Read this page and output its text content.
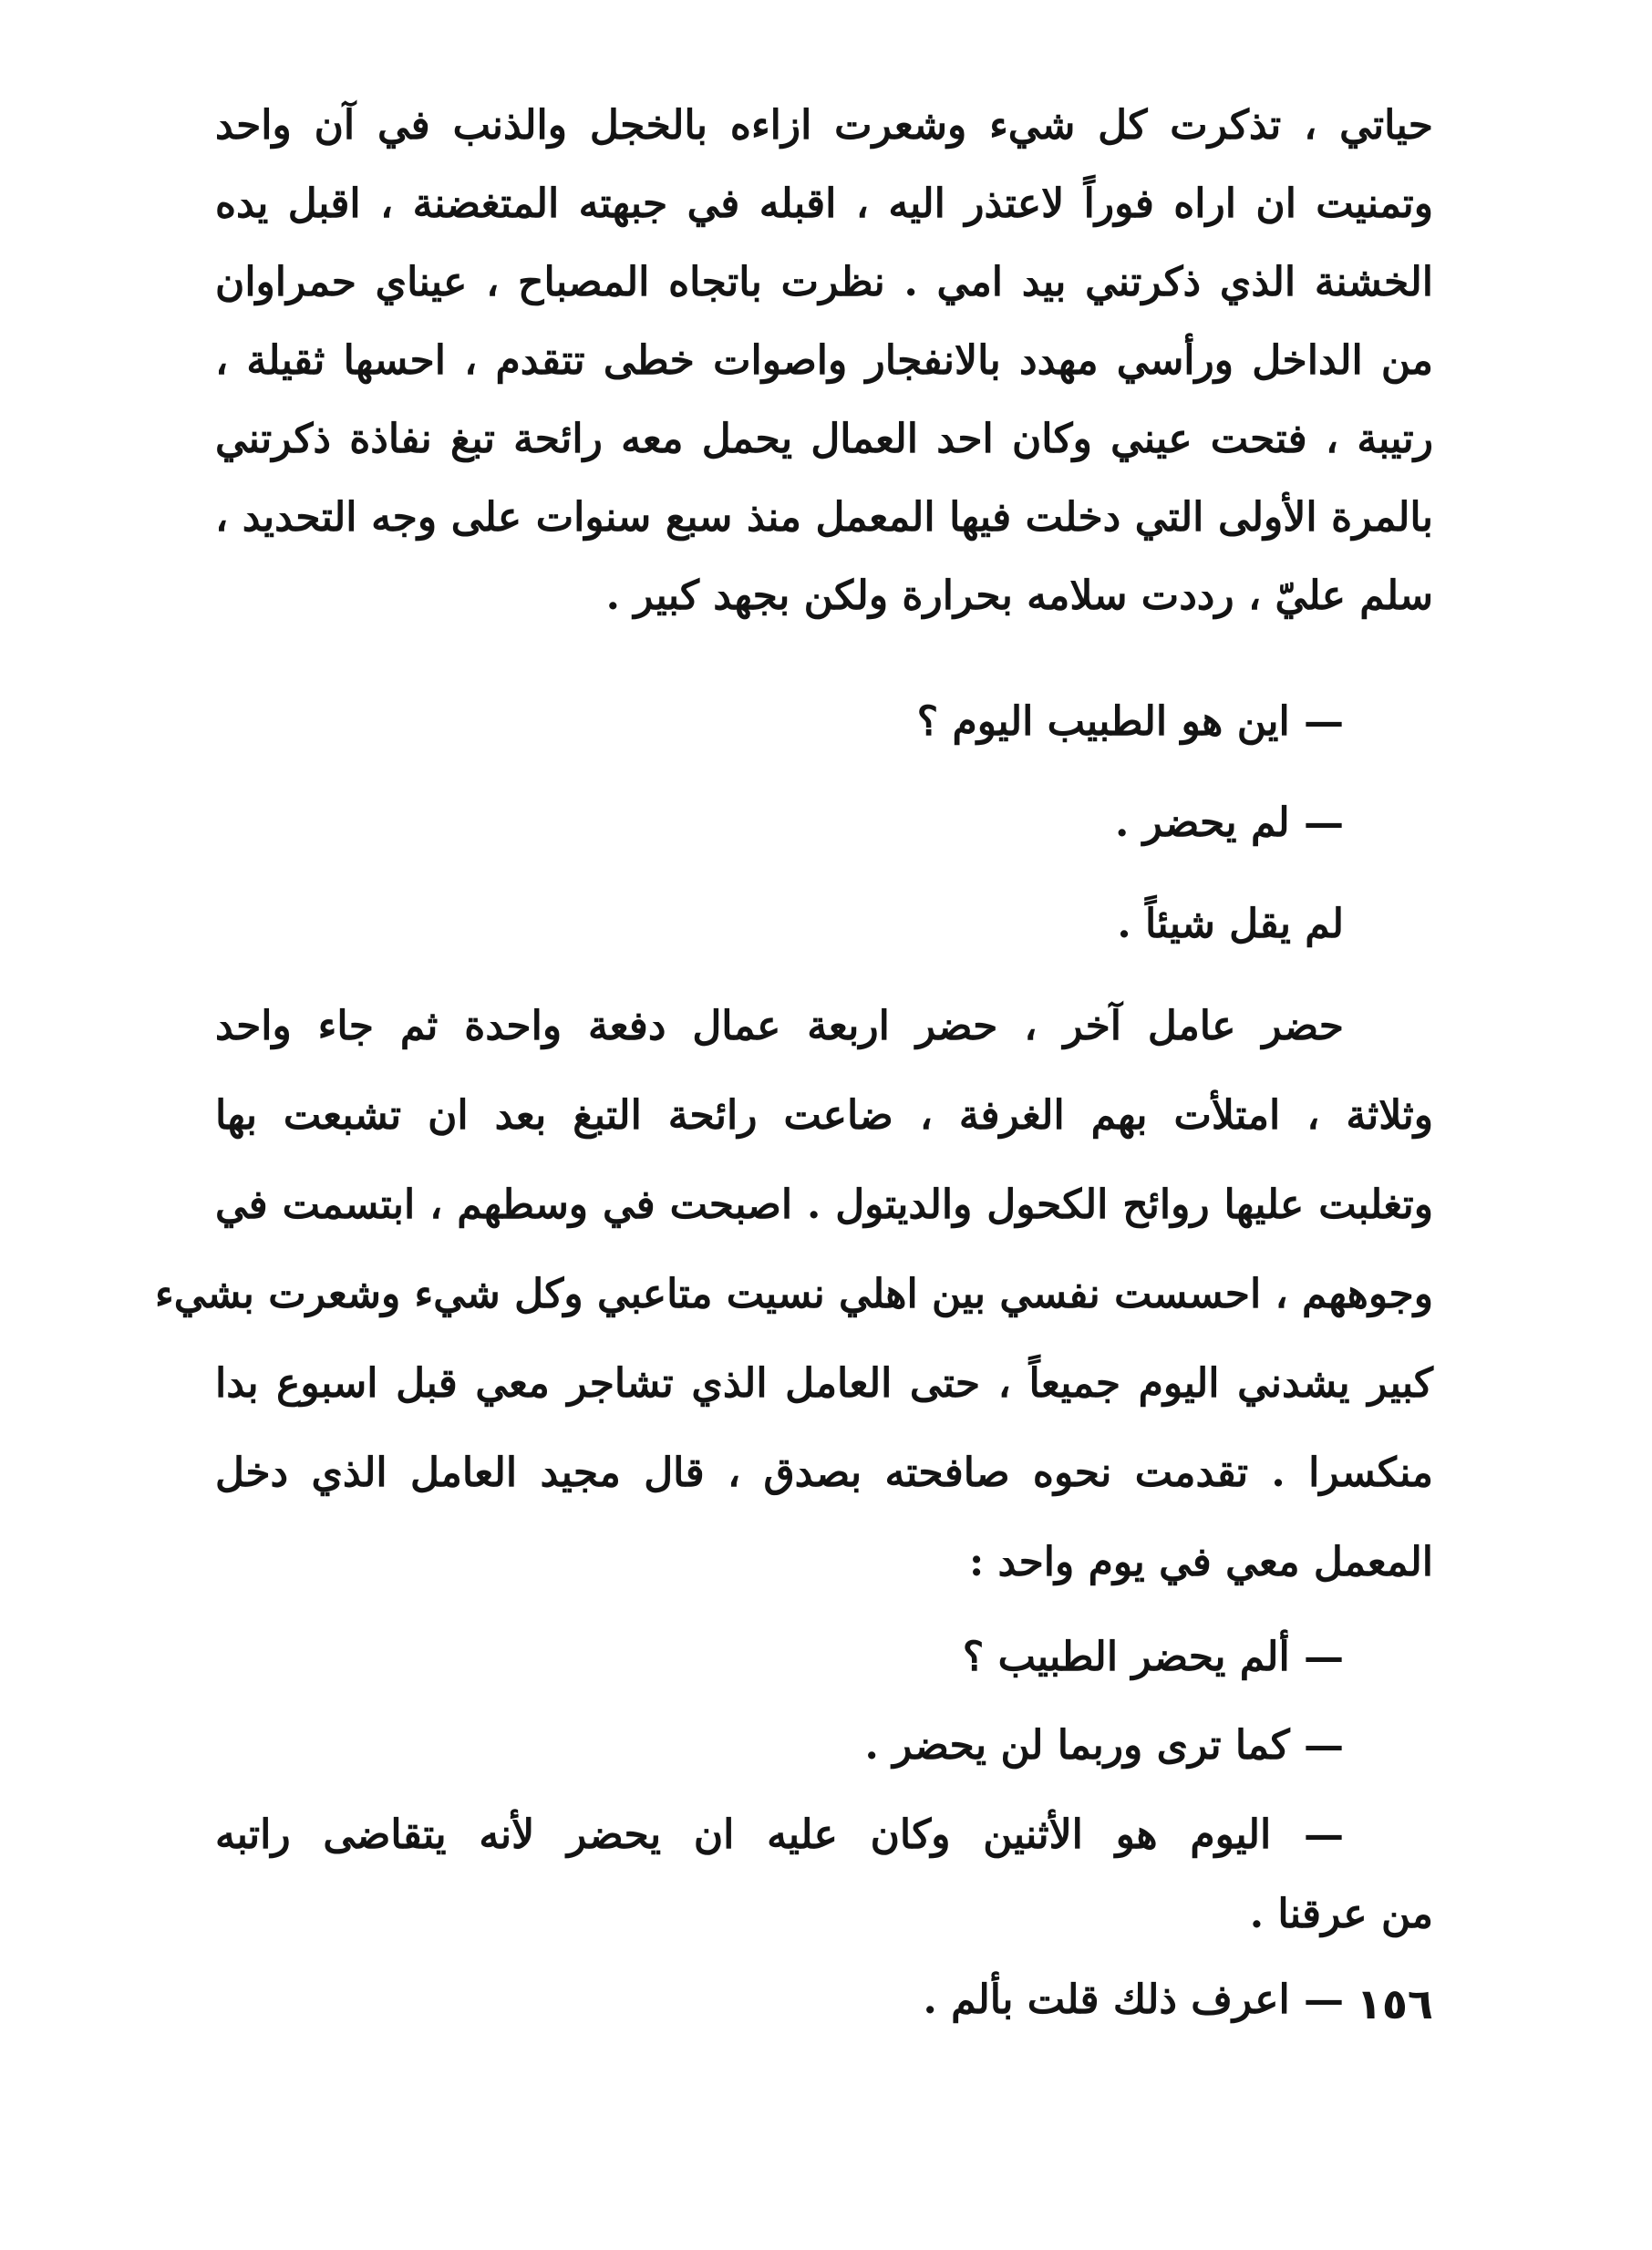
حياتي ، تذكرت كل شيء وشعرت ازاءه بالخجل والذنب في آن واحد
وتمنيت ان اراه فوراً لاعتذر اليه ، اقبله في جبهته المتغضنة ، اقبل يده
الخشنة الذي ذكرتني بيد امي . نظرت باتجاه المصباح ، عيناي حمراوان
من الداخل ورأسي مهدد بالانفجار واصوات خطى تتقدم ، احسها ثقيلة ،
رتيبة ، فتحت عيني وكان احد العمال يحمل معه رائحة تبغ نفاذة ذكرتني
بالمرة الأولى التي دخلت فيها المعمل منذ سبع سنوات على وجه التحديد ،
سلم عليّ ، رددت سلامه بحرارة ولكن بجهد كبير .
— اين هو الطبيب اليوم ؟
— لم يحضر .
لم يقل شيئاً .
حضر عامل آخر ، حضر اربعة عمال دفعة واحدة ثم جاء واحد
وثلاثة ، امتلأت بهم الغرفة ، ضاعت رائحة التبغ بعد ان تشبعت بها
وتغلبت عليها روائح الكحول والديتول . اصبحت في وسطهم ، ابتسمت في
وجوههم ، احسست نفسي بين اهلي نسيت متاعبي وكل شيء وشعرت بشيء
كبير يشدني اليوم جميعاً ، حتى العامل الذي تشاجر معي قبل اسبوع بدا
منكسرا . تقدمت نحوه صافحته بصدق ، قال مجيد العامل الذي دخل
المعمل معي في يوم واحد :
— ألم يحضر الطبيب ؟
— كما ترى وربما لن يحضر .
— اليوم هو الأثنين وكان عليه ان يحضر لأنه يتقاضى راتبه
من عرقنا .
— اعرف ذلك قلت بألم . ١٥٦
